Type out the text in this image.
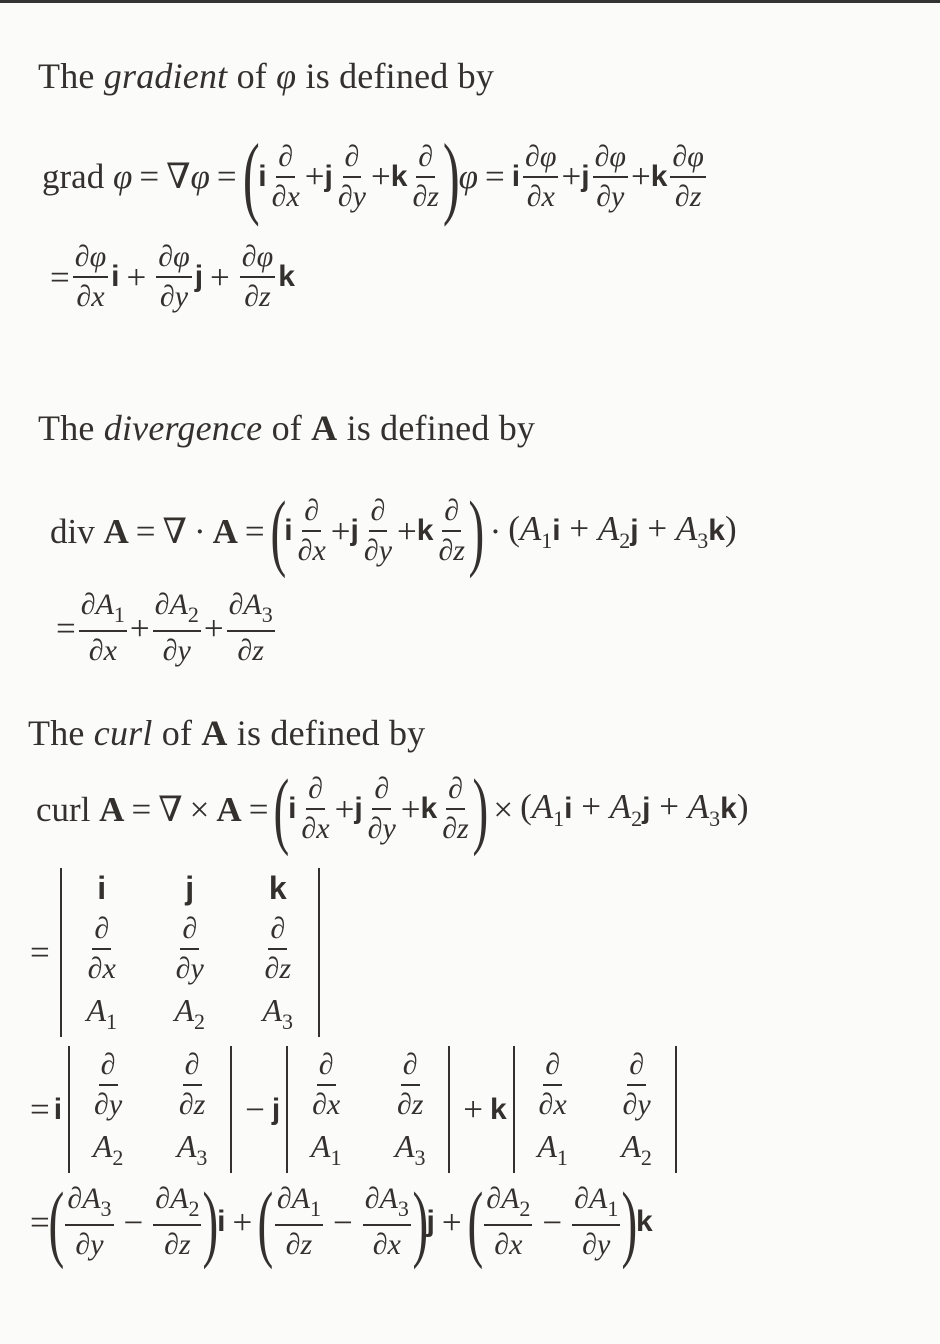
The
gradient
of
φ
is defined by
grad
φ = ∇φ = (
i $\frac{\partial}{\partial x} + j \frac{\partial}{\partial y} + k \frac{\partial}{\partial z}$ )
φ = i $\frac{\partial\varphi}{\partial x} + j \frac{\partial\varphi}{\partial y} + k \frac{\partial\varphi}{\partial z}$
= $\frac{\partial\varphi}{\partial x}$ $i + \frac{\partial\varphi}{\partial y}$ $j + \frac{\partial\varphi}{\partial z}$ k
The
divergence
of
A
is defined by
div
A = ∇ · A = (
i $\frac{\partial}{\partial x} + j \frac{\partial}{\partial y} + k \frac{\partial}{\partial z}$ ) · $(A_1i + A_2j + A_3k)$
= $\frac{\partial A_1}{\partial x} + \frac{\partial A_2}{\partial y} + \frac{\partial A_3}{\partial z}$
The
curl
of
A
is defined by
curl
A = ∇ × A = (
i $\frac{\partial}{\partial x} + j \frac{\partial}{\partial y} + k \frac{\partial}{\partial z}$ ) × $(A_1i + A_2j + A_3k)$
=
i j k
$\frac{\partial}{\partial x} \frac{\partial}{\partial y} \frac{\partial}{\partial z}$
$A_1$ $A_2$ $A_3$
= i $\frac{\partial}{\partial y} \frac{\partial}{\partial z}$
$A_2$ $A_3$
− j $\frac{\partial}{\partial x} \frac{\partial}{\partial z}$
$A_1$ $A_3$
+ k $\frac{\partial}{\partial x} \frac{\partial}{\partial y}$
$A_1$ $A_2$
=
( $\frac{\partial A_3}{\partial y} - \frac{\partial A_2}{\partial z}$ )
i + ( $\frac{\partial A_1}{\partial z} - \frac{\partial A_3}{\partial x}$ )
j + ( $\frac{\partial A_2}{\partial x} - \frac{\partial A_1}{\partial y}$ )
k
